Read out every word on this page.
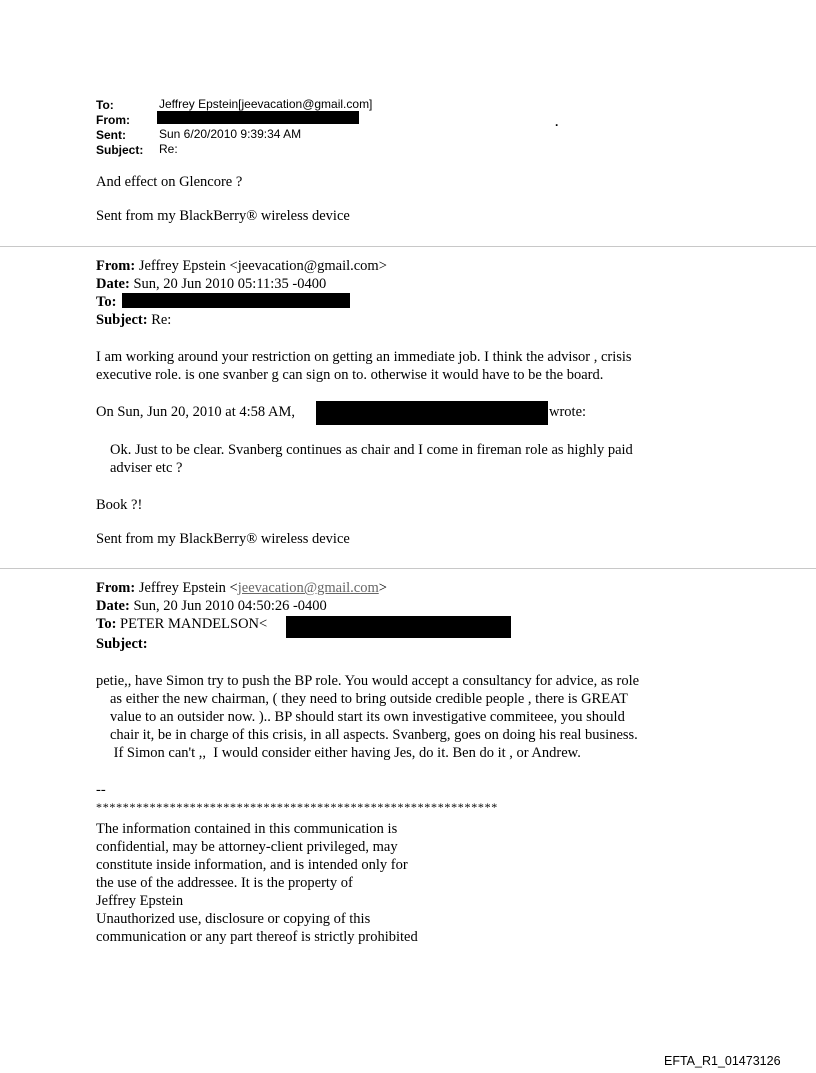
To:	Jeffrey Epstein[jeevacation@gmail.com]
From:
Sent:	Sun 6/20/2010 9:39:34 AM
.
Subject: Re:
And effect on Glencore ?
Sent from my BlackBerry® wireless device
From: Jeffrey Epstein <jeevacation@gmail.com>
Date: Sun, 20 Jun 2010 05:11:35 -0400
To:
Subject: Re:
I am working around your restriction on getting an immediate job. I think the advisor , crisis
executive role. is one svanber g can sign on to. otherwise it would have to be the board.
On Sun, Jun 20, 2010 at 4:58 AM,	wrote:
Ok. Just to be clear. Svanberg continues as chair and I come in fireman role as highly paid
adviser etc ?
Book ?!
Sent from my BlackBerry® wireless device
From: Jeffrey Epstein <jeevacation@gmail.com>
Date: Sun, 20 Jun 2010 04:50:26 -0400
To: PETER MANDELSON<
Subject:
petie,, have Simon try to push the BP role. You would accept a consultancy for advice, as role
as either the new chairman, ( they need to bring outside credible people , there is GREAT
value to an outsider now. ).. BP should start its own investigative commiteee, you should
chair it, be in charge of this crisis, in all aspects. Svanberg, goes on doing his real business.
If Simon can't ,,  I would consider either having Jes, do it. Ben do it , or Andrew.
--
************************************************************
The information contained in this communication is
confidential, may be attorney-client privileged, may
constitute inside information, and is intended only for
the use of the addressee. It is the property of
Jeffrey Epstein
Unauthorized use, disclosure or copying of this
communication or any part thereof is strictly prohibited
EFTA_R1_01473126
